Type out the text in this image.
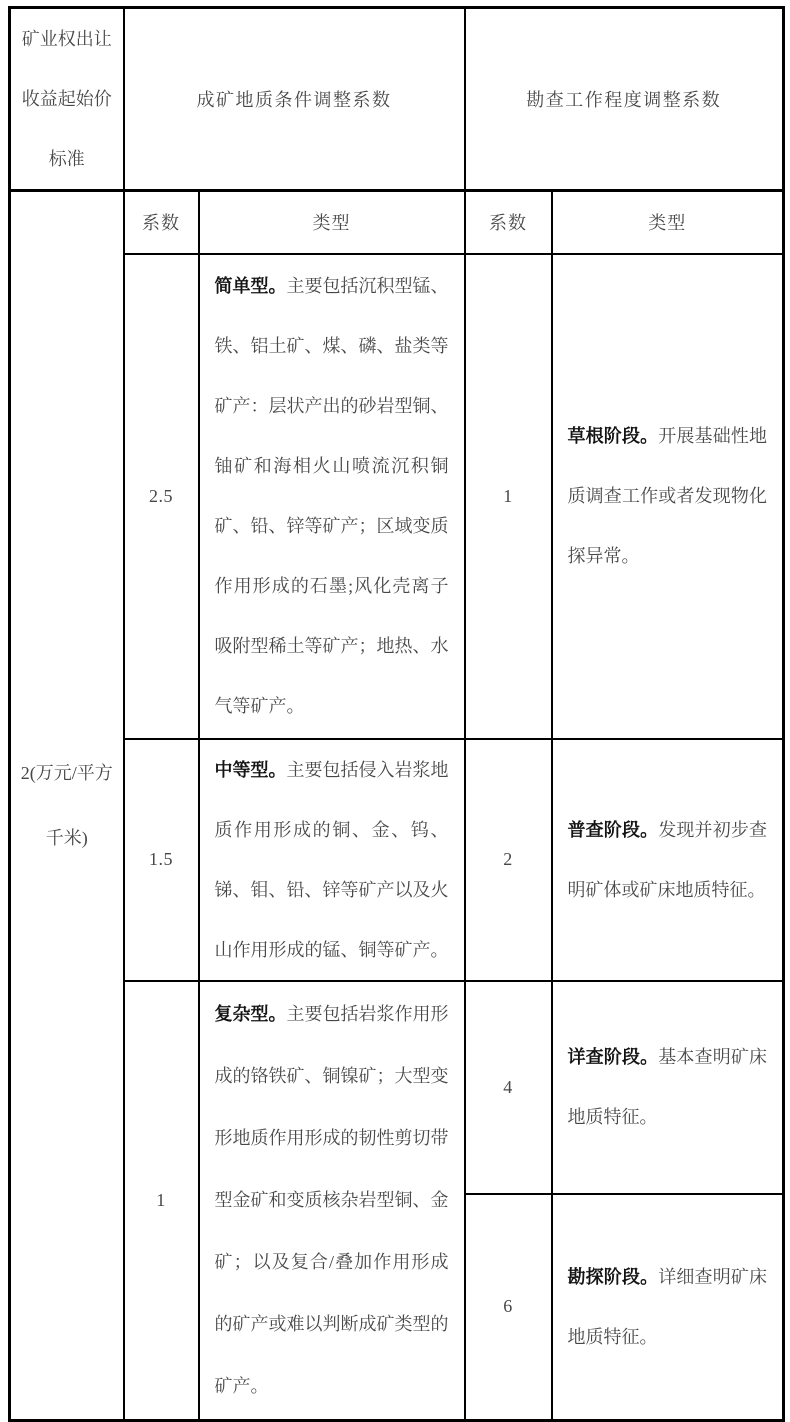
矿业权出让收益起始价标准	成矿地质条件调整系数		勘查工作程度调整系数	
2(万元/平方千米)	系数	类型	系数	类型
	2.5	简单型。主要包括沉积型锰、铁、铝土矿、煤、磷、盐类等矿产：层状产出的砂岩型铜、铀矿和海相火山喷流沉积铜矿、铅、锌等矿产；区域变质作用形成的石墨;风化壳离子吸附型稀土等矿产；地热、水气等矿产。	1	草根阶段。开展基础性地质调查工作或者发现物化探异常。
	1.5	中等型。主要包括侵入岩浆地质作用形成的铜、金、钨、锑、钼、铅、锌等矿产以及火山作用形成的锰、铜等矿产。	2	普查阶段。发现并初步查明矿体或矿床地质特征。
	1	复杂型。主要包括岩浆作用形成的铬铁矿、铜镍矿；大型变形地质作用形成的韧性剪切带型金矿和变质核杂岩型铜、金矿；以及复合/叠加作用形成的矿产或难以判断成矿类型的矿产。	4	详查阶段。基本查明矿床地质特征。
			6	勘探阶段。详细查明矿床地质特征。
